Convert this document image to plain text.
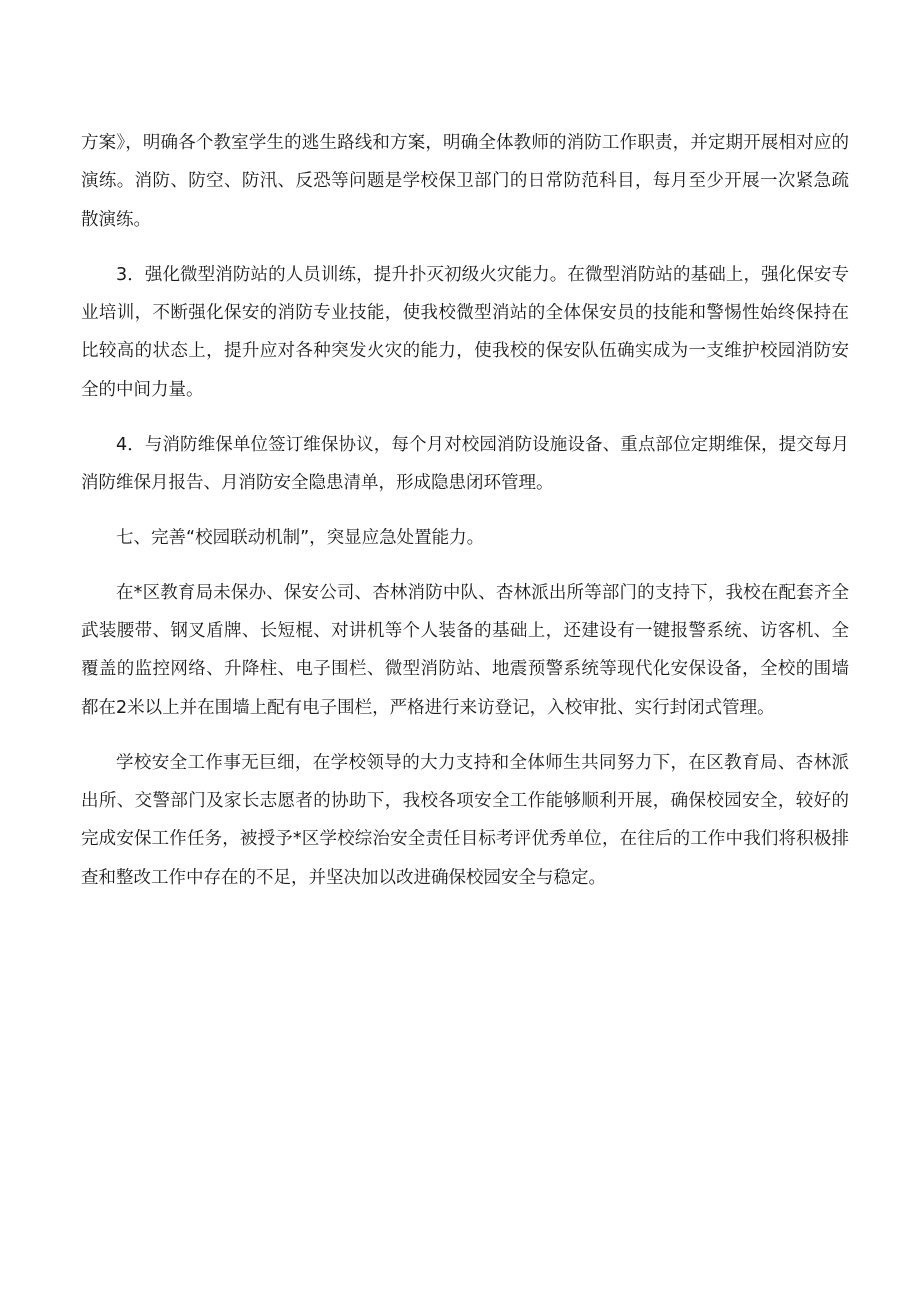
方案》，明确各个教室学生的逃生路线和方案，明确全体教师的消防工作职责，并定期开展相对应的演练。消防、防空、防汛、反恐等问题是学校保卫部门的日常防范科目，每月至少开展一次紧急疏散演练。

3．强化微型消防站的人员训练，提升扑灭初级火灾能力。在微型消防站的基础上，强化保安专业培训，不断强化保安的消防专业技能，使我校微型消站的全体保安员的技能和警惕性始终保持在比较高的状态上，提升应对各种突发火灾的能力，使我校的保安队伍确实成为一支维护校园消防安全的中间力量。

4．与消防维保单位签订维保协议，每个月对校园消防设施设备、重点部位定期维保，提交每月消防维保月报告、月消防安全隐患清单，形成隐患闭环管理。

七、完善“校园联动机制”，突显应急处置能力。

在*区教育局未保办、保安公司、杏林消防中队、杏林派出所等部门的支持下，我校在配套齐全武装腰带、钢叉盾牌、长短棍、对讲机等个人装备的基础上，还建设有一键报警系统、访客机、全覆盖的监控网络、升降柱、电子围栏、微型消防站、地震预警系统等现代化安保设备，全校的围墙都在2米以上并在围墙上配有电子围栏，严格进行来访登记，入校审批、实行封闭式管理。

学校安全工作事无巨细，在学校领导的大力支持和全体师生共同努力下，在区教育局、杏林派出所、交警部门及家长志愿者的协助下，我校各项安全工作能够顺利开展，确保校园安全，较好的完成安保工作任务，被授予*区学校综治安全责任目标考评优秀单位，在往后的工作中我们将积极排查和整改工作中存在的不足，并坚决加以改进确保校园安全与稳定。
